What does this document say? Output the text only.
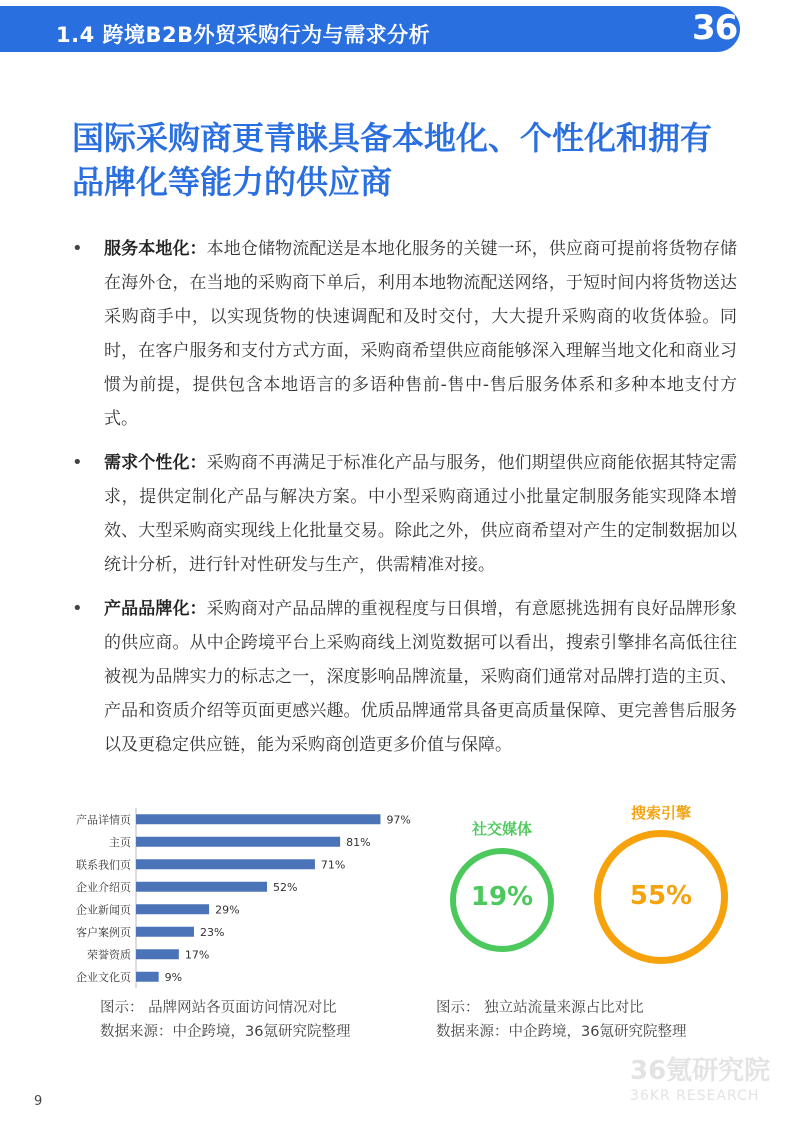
1.4 跨境B2B外贸采购行为与需求分析	36Kr
国际采购商更青睐具备本地化、个性化和拥有品牌化等能力的供应商
• 服务本地化：本地仓储物流配送是本地化服务的关键一环，供应商可提前将货物存储在海外仓，在当地的采购商下单后，利用本地物流配送网络，于短时间内将货物送达采购商手中，以实现货物的快速调配和及时交付，大大提升采购商的收货体验。同时，在客户服务和支付方式方面，采购商希望供应商能够深入理解当地文化和商业习惯为前提，提供包含本地语言的多语种售前-售中-售后服务体系和多种本地支付方式。

• 需求个性化：采购商不再满足于标准化产品与服务，他们期望供应商能依据其特定需求，提供定制化产品与解决方案。中小型采购商通过小批量定制服务能实现降本增效、大型采购商实现线上化批量交易。除此之外，供应商希望对产生的定制数据加以统计分析，进行针对性研发与生产，供需精准对接。

• 产品品牌化：采购商对产品品牌的重视程度与日俱增，有意愿挑选拥有良好品牌形象的供应商。从中企跨境平台上采购商线上浏览数据可以看出，搜索引擎排名高低往往被视为品牌实力的标志之一，深度影响品牌流量，采购商们通常对品牌打造的主页、产品和资质介绍等页面更感兴趣。优质品牌通常具备更高质量保障、更完善售后服务以及更稳定供应链，能为采购商创造更多价值与保障。

产品详情页	97%
主页	81%
联系我们页	71%
企业介绍页	52%
企业新闻页	29%
客户案例页	23%
荣誉资质	17%
企业文化页	9%
图示： 品牌网站各页面访问情况对比
数据来源：中企跨境，36氪研究院整理
社交媒体
19%
搜索引擎
55%
图示： 独立站流量来源占比对比
数据来源：中企跨境，36氪研究院整理
36氪研究院
36KR RESEARCH
9
